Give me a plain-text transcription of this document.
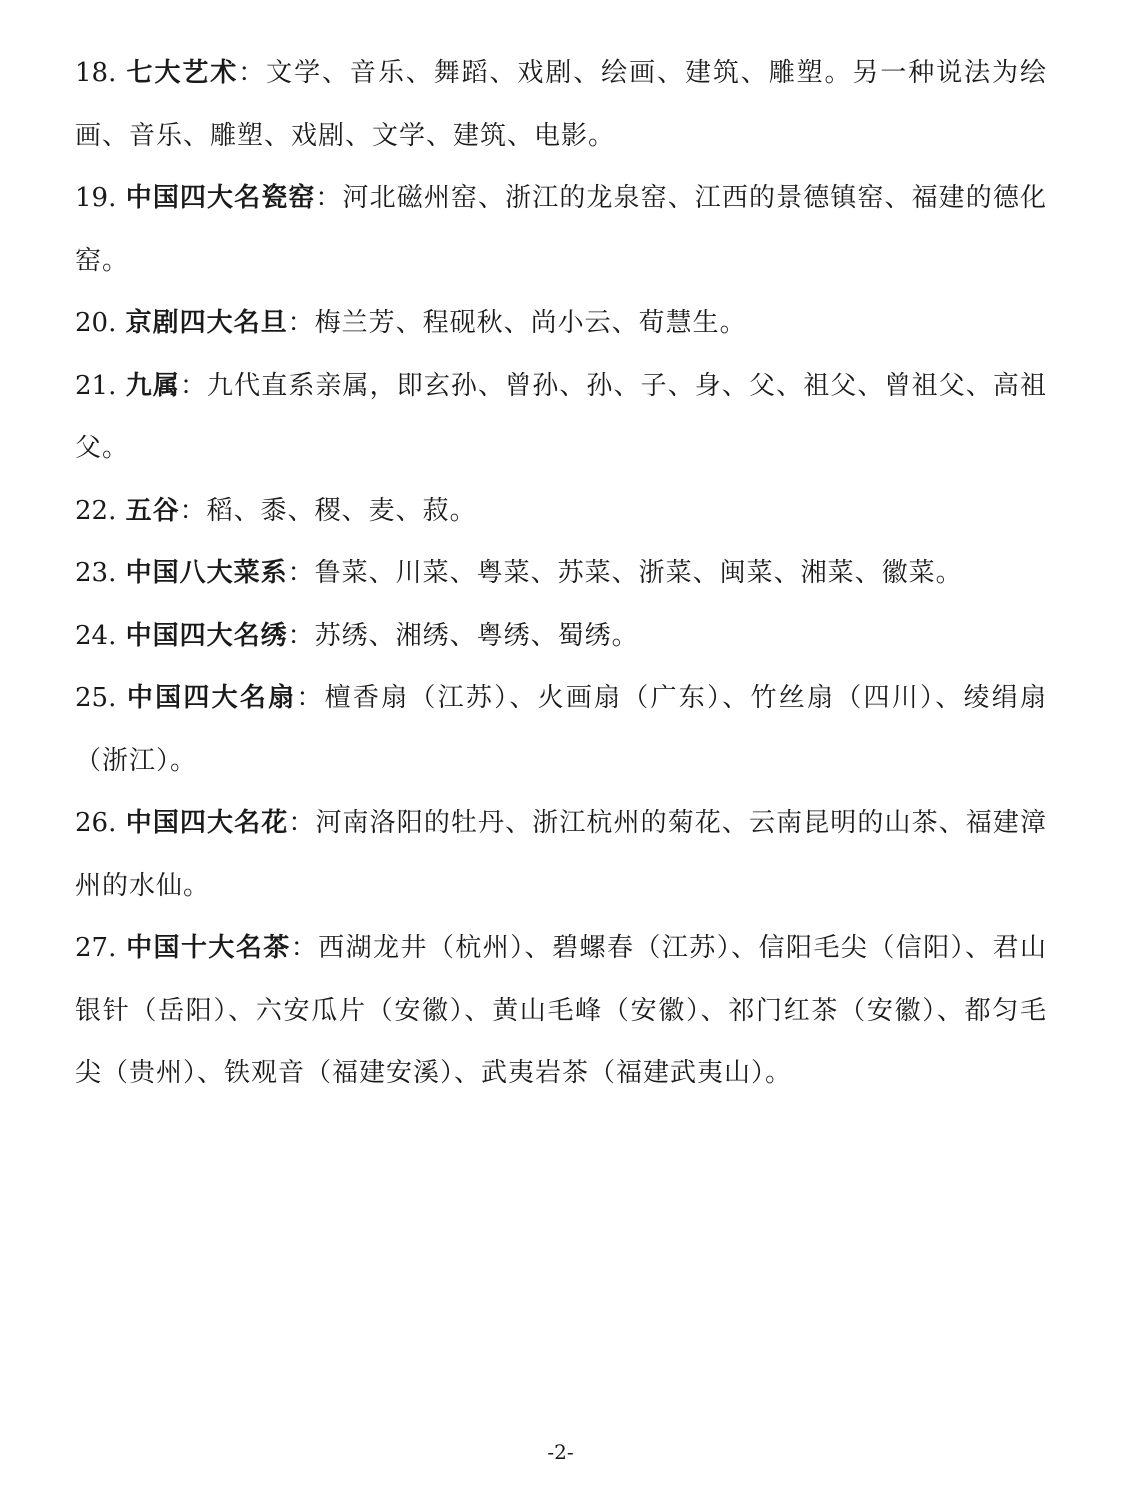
18. 七大艺术：文学、音乐、舞蹈、戏剧、绘画、建筑、雕塑。另一种说法为绘画、音乐、雕塑、戏剧、文学、建筑、电影。

19. 中国四大名瓷窑：河北磁州窑、浙江的龙泉窑、江西的景德镇窑、福建的德化窑。

20. 京剧四大名旦：梅兰芳、程砚秋、尚小云、荀慧生。

21. 九属：九代直系亲属，即玄孙、曾孙、孙、子、身、父、祖父、曾祖父、高祖父。

22. 五谷：稻、黍、稷、麦、菽。

23. 中国八大菜系：鲁菜、川菜、粤菜、苏菜、浙菜、闽菜、湘菜、徽菜。

24. 中国四大名绣：苏绣、湘绣、粤绣、蜀绣。

25. 中国四大名扇：檀香扇（江苏）、火画扇（广东）、竹丝扇（四川）、绫绢扇（浙江）。

26. 中国四大名花：河南洛阳的牡丹、浙江杭州的菊花、云南昆明的山茶、福建漳州的水仙。

27. 中国十大名茶：西湖龙井（杭州）、碧螺春（江苏）、信阳毛尖（信阳）、君山银针（岳阳）、六安瓜片（安徽）、黄山毛峰（安徽）、祁门红茶（安徽）、都匀毛尖（贵州）、铁观音（福建安溪）、武夷岩茶（福建武夷山）。

-2-
